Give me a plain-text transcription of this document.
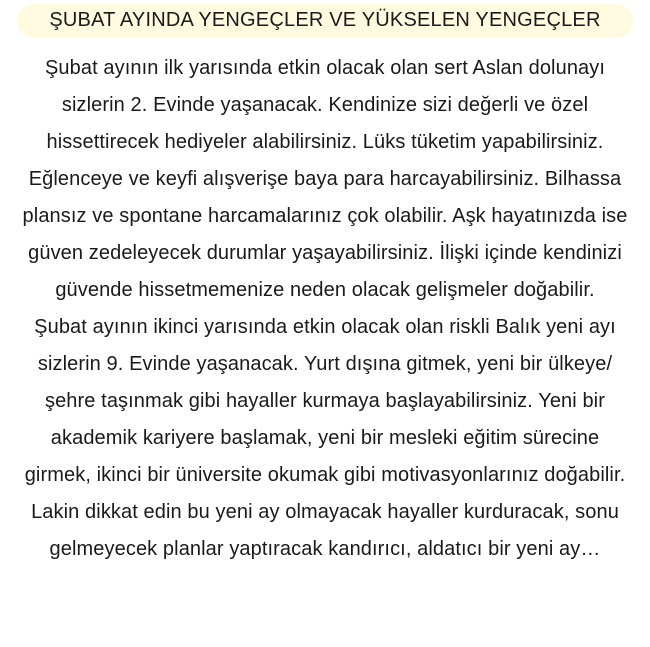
ŞUBAT AYINDA YENGEÇLER VE YÜKSELEN YENGEÇLER
Şubat ayının ilk yarısında etkin olacak olan sert Aslan dolunayı
sizlerin 2. Evinde yaşanacak. Kendinize sizi değerli ve özel
hissettirecek hediyeler alabilirsiniz. Lüks tüketim yapabilirsiniz.
Eğlenceye ve keyfi alışverişe baya para harcayabilirsiniz. Bilhassa
plansız ve spontane harcamalarınız çok olabilir. Aşk hayatınızda ise
güven zedeleyecek durumlar yaşayabilirsiniz. İlişki içinde kendinizi
güvende hissetmemenize neden olacak gelişmeler doğabilir.
Şubat ayının ikinci yarısında etkin olacak olan riskli Balık yeni ayı
sizlerin 9. Evinde yaşanacak. Yurt dışına gitmek, yeni bir ülkeye/
şehre taşınmak gibi hayaller kurmaya başlayabilirsiniz. Yeni bir
akademik kariyere başlamak, yeni bir mesleki eğitim sürecine
girmek, ikinci bir üniversite okumak gibi motivasyonlarınız doğabilir.
Lakin dikkat edin bu yeni ay olmayacak hayaller kurduracak, sonu
gelmeyecek planlar yaptıracak kandırıcı, aldatıcı bir yeni ay…
